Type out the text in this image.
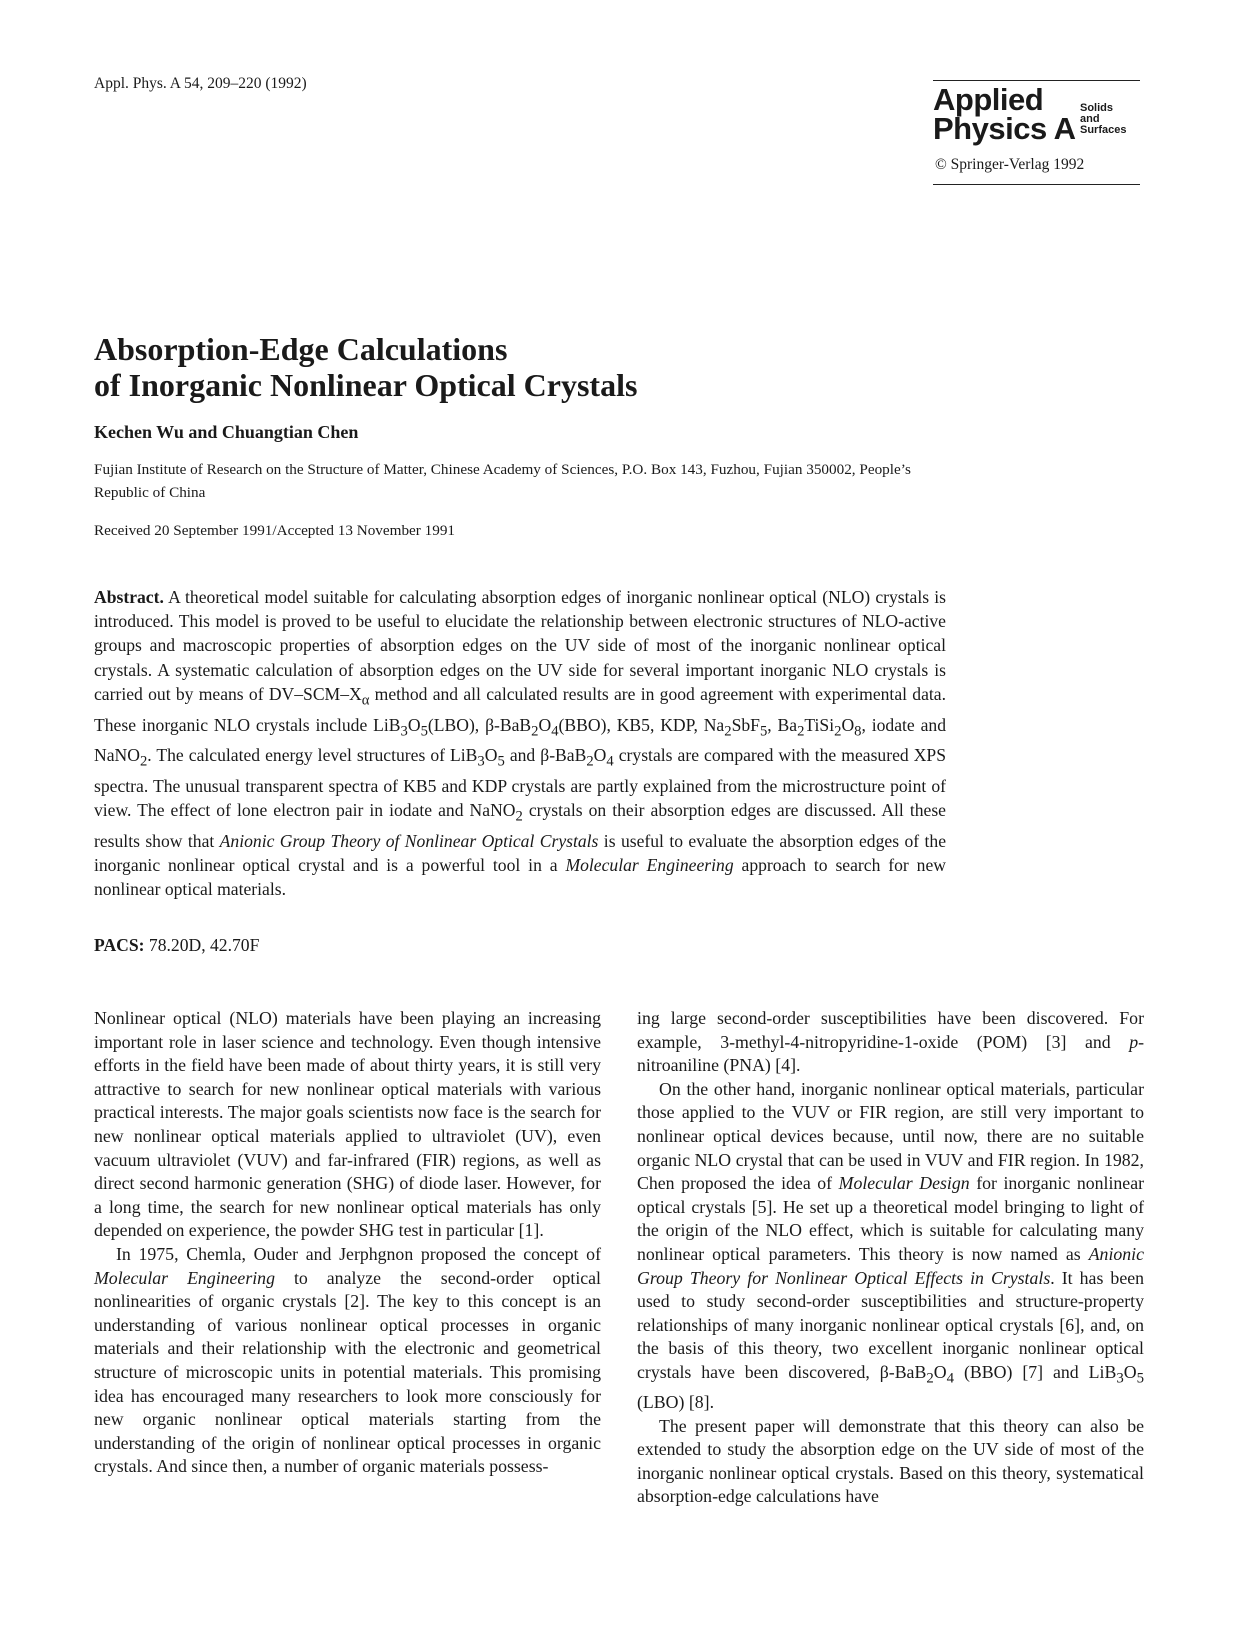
Appl. Phys. A 54, 209–220 (1992)	Applied
Physics A
Solids
and
Surfaces
© Springer-Verlag 1992
Absorption-Edge Calculations
of Inorganic Nonlinear Optical Crystals
Kechen Wu and Chuangtian Chen
Fujian Institute of Research on the Structure of Matter, Chinese Academy of Sciences, P.O. Box 143, Fuzhou, Fujian 350002, People’s Republic of China
Received 20 September 1991/Accepted 13 November 1991
Abstract. A theoretical model suitable for calculating absorption edges of inorganic nonlinear optical (NLO) crystals is introduced. This model is proved to be useful to elucidate the relationship between electronic structures of NLO-active groups and macroscopic properties of absorption edges on the UV side of most of the inorganic nonlinear optical crystals. A systematic calculation of absorption edges on the UV side for several important inorganic NLO crystals is carried out by means of $DV-SCM-X_\alpha$ method and all calculated results are in good agreement with experimental data. These inorganic NLO crystals include $LiB_3O_5(LBO)$, $\beta-BaB_2O_4(BBO)$, KB5, KDP, $Na_2SbF_5$, $Ba_2TiSi_2O_8$, iodate and NaNO$_2$. The calculated energy level structures of $LiB_3O_5$ and $\beta-BaB_2O_4$ crystals are compared with the measured XPS spectra. The unusual transparent spectra of KB5 and KDP crystals are partly explained from the microstructure point of view. The effect of lone electron pair in iodate and NaNO$_2$ crystals on their absorption edges are discussed. All these results show that Anionic Group Theory of Nonlinear Optical Crystals is useful to evaluate the absorption edges of the inorganic nonlinear optical crystal and is a powerful tool in a Molecular Engineering approach to search for new nonlinear optical materials.
PACS: 78.20D, 42.70F

Nonlinear optical (NLO) materials have been playing an increasing important role in laser science and technology. Even though intensive efforts in the field have been made of about thirty years, it is still very attractive to search for new nonlinear optical materials with various practical interests. The major goals scientists now face is the search for new nonlinear optical materials applied to ultraviolet (UV), even vacuum ultraviolet (VUV) and far-infrared (FIR) regions, as well as direct second harmonic generation (SHG) of diode laser. However, for a long time, the search for new nonlinear optical materials has only depended on experience, the powder SHG test in particular [1].

In 1975, Chemla, Ouder and Jerphgnon proposed the concept of Molecular Engineering to analyze the second-order optical nonlinearities of organic crystals [2]. The key to this concept is an understanding of various nonlinear optical processes in organic materials and their relationship with the electronic and geometrical structure of microscopic units in potential materials. This promising idea has encouraged many researchers to look more consciously for new organic nonlinear optical materials starting from the understanding of the origin of nonlinear optical processes in organic crystals. And since then, a number of organic materials possess-

ing large second-order susceptibilities have been discovered. For example, 3-methyl-4-nitropyridine-1-oxide (POM) [3] and p-nitroaniline (PNA) [4].

On the other hand, inorganic nonlinear optical materials, particular those applied to the VUV or FIR region, are still very important to nonlinear optical devices because, until now, there are no suitable organic NLO crystal that can be used in VUV and FIR region. In 1982, Chen proposed the idea of Molecular Design for inorganic nonlinear optical crystals [5]. He set up a theoretical model bringing to light of the origin of the NLO effect, which is suitable for calculating many nonlinear optical parameters. This theory is now named as Anionic Group Theory for Nonlinear Optical Effects in Crystals. It has been used to study second-order susceptibilities and structure-property relationships of many inorganic nonlinear optical crystals [6], and, on the basis of this theory, two excellent inorganic nonlinear optical crystals have been discovered, $\beta-BaB_2O_4$ (BBO) [7] and $LiB_3O_5$ (LBO) [8].

The present paper will demonstrate that this theory can also be extended to study the absorption edge on the UV side of most of the inorganic nonlinear optical crystals. Based on this theory, systematical absorption-edge calculations have
